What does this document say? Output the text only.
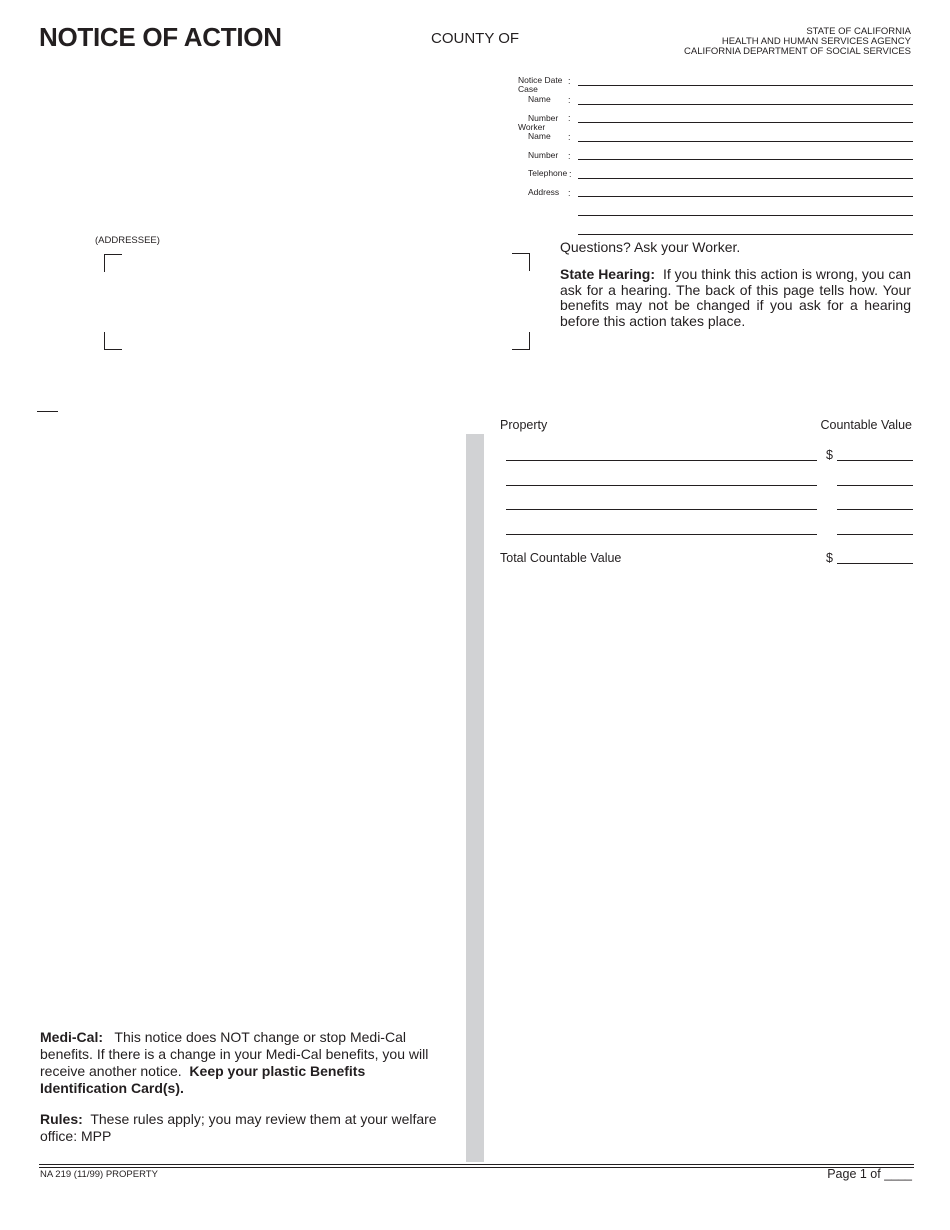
NOTICE OF ACTION	COUNTY OF	STATE OF CALIFORNIA
HEALTH AND HUMAN SERVICES AGENCY
CALIFORNIA DEPARTMENT OF SOCIAL SERVICES
Notice Date :
Case
Name :
Number :
Worker
Name :
Number :
Telephone :
Address :
(ADDRESSEE)	Questions? Ask your Worker.
State Hearing: If you think this action is wrong, you can ask for a hearing. The back of this page tells how. Your benefits may not be changed if you ask for a hearing before this action takes place.
Property	Countable Value
$
Total Countable Value	$
Medi-Cal: This notice does NOT change or stop Medi-Cal benefits. If there is a change in your Medi-Cal benefits, you will receive another notice. Keep your plastic Benefits Identification Card(s).
Rules: These rules apply; you may review them at your welfare office: MPP
NA 219 (11/99) PROPERTY	Page 1 of ____
